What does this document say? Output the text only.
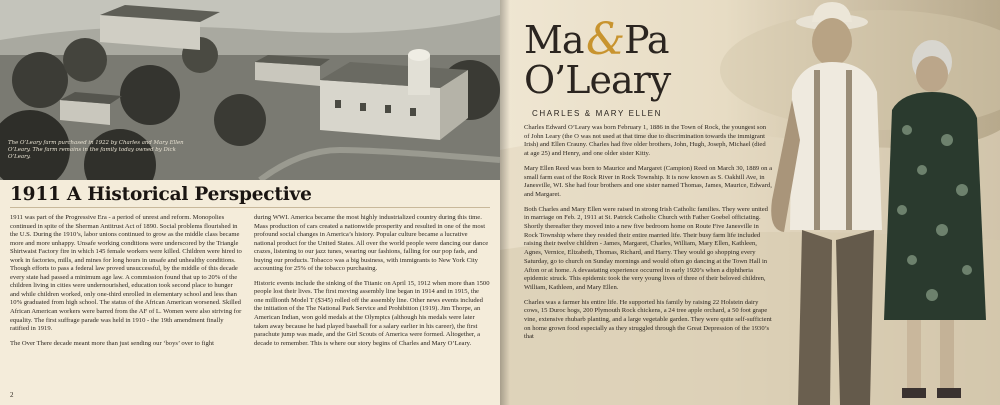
The O’Leary farm purchased in 1922 by Charles and Mary Ellen O’Leary. The farm remains in the family today owned by Dick O’Leary.
1911 A Historical Perspective

1911 was part of the Progressive Era - a period of unrest and reform. Monopolies continued in spite of the Sherman Antitrust Act of 1890. Social problems flourished in the U.S. During the 1910’s, labor unions continued to grow as the middle class became more and more unhappy. Unsafe working conditions were underscored by the Triangle Shirtwaist Factory fire in which 145 female workers were killed. Children were hired to work in factories, mills, and mines for long hours in unsafe and unhealthy conditions. Though efforts to pass a federal law proved unsuccessful, by the middle of this decade every state had passed a minimum age law. A commission found that up to 20% of the children living in cities were undernourished, education took second place to hunger and while children worked, only one-third enrolled in elementary school and less than 10% graduated from high school. The status of the African American worsened. Skilled African American workers were barred from the AF of L. Women were also striving for equality. The first suffrage parade was held in 1910 - the 19th amendment finally ratified in 1919.

The Over There decade meant more than just sending our ‘boys’ over to fight

during WWI. America became the most highly industrialized country during this time. Mass production of cars created a nationwide prosperity and resulted in one of the most profound social changes in America’s history. Popular culture became a lucrative national product for the United States. All over the world people were dancing our dance crazes, listening to our jazz tunes, wearing our fashions, falling for our pop fads, and buying our products. Tobacco was a big business, with immigrants to New York City accounting for 25% of the tobacco purchasing.

Historic events include the sinking of the Titanic on April 15, 1912 when more than 1500 people lost their lives. The first moving assembly line began in 1914 and in 1915, the one millionth Model T ($345) rolled off the assembly line. Other news events included the initiation of the The National Park Service and Prohibition (1919). Jim Thorpe, an American Indian, won gold medals at the Olympics (although his medals were later taken away because he had played baseball for a salary earlier in his career), the first parachute jump was made, and the Girl Scouts of America were formed. Altogether, a decade to remember. This is where our story begins of Charles and Mary O’Leary.

2
Ma &
Pa
O’Leary
CHARLES & MARY ELLEN

Charles Edward O’Leary was born February 1, 1886 in the Town of Rock, the youngest son of John Leary (the O was not used at that time due to discrimination towards the immigrant Irish) and Ellen Crauny. Charles had five older brothers, John, Hugh, Joseph, Michael (died at age 25) and Henry, and one older sister Kitty.

Mary Ellen Reed was born to Maurice and Margaret (Campion) Reed on March 30, 1889 on a small farm east of the Rock River in Rock Township. It is now known as S. Oakhill Ave, in Janesville, WI. She had four brothers and one sister named Thomas, James, Maurice, Edward, and Margaret.

Both Charles and Mary Ellen were raised in strong Irish Catholic families. They were united in marriage on Feb. 2, 1911 at St. Patrick Catholic Church with Father Goebel officiating. Shortly thereafter they moved into a new five bedroom home on Route Five Janesville in Rock Township where they resided their entire married life. Their busy farm life included raising their twelve children - James, Margaret, Charles, William, Mary Ellen, Kathleen, Agnes, Vernice, Elizabeth, Thomas, Richard, and Harry. They would go shopping every Saturday, go to church on Sunday mornings and would often go dancing at the Town Hall in Afton or at home. A devastating experience occurred in early 1920’s when a diphtheria epidemic struck. This epidemic took the very young lives of three of their beloved children, William, Kathleen, and Mary Ellen.

Charles was a farmer his entire life. He supported his family by raising 22 Holstein dairy cows, 15 Duroc hogs, 200 Plymouth Rock chickens, a 24 tree apple orchard, a 50 foot grape vine, extensive rhubarb planting, and a large vegetable garden. They were quite self-sufficient on home grown food especially as they struggled through the Great Depression of the 1930’s that
